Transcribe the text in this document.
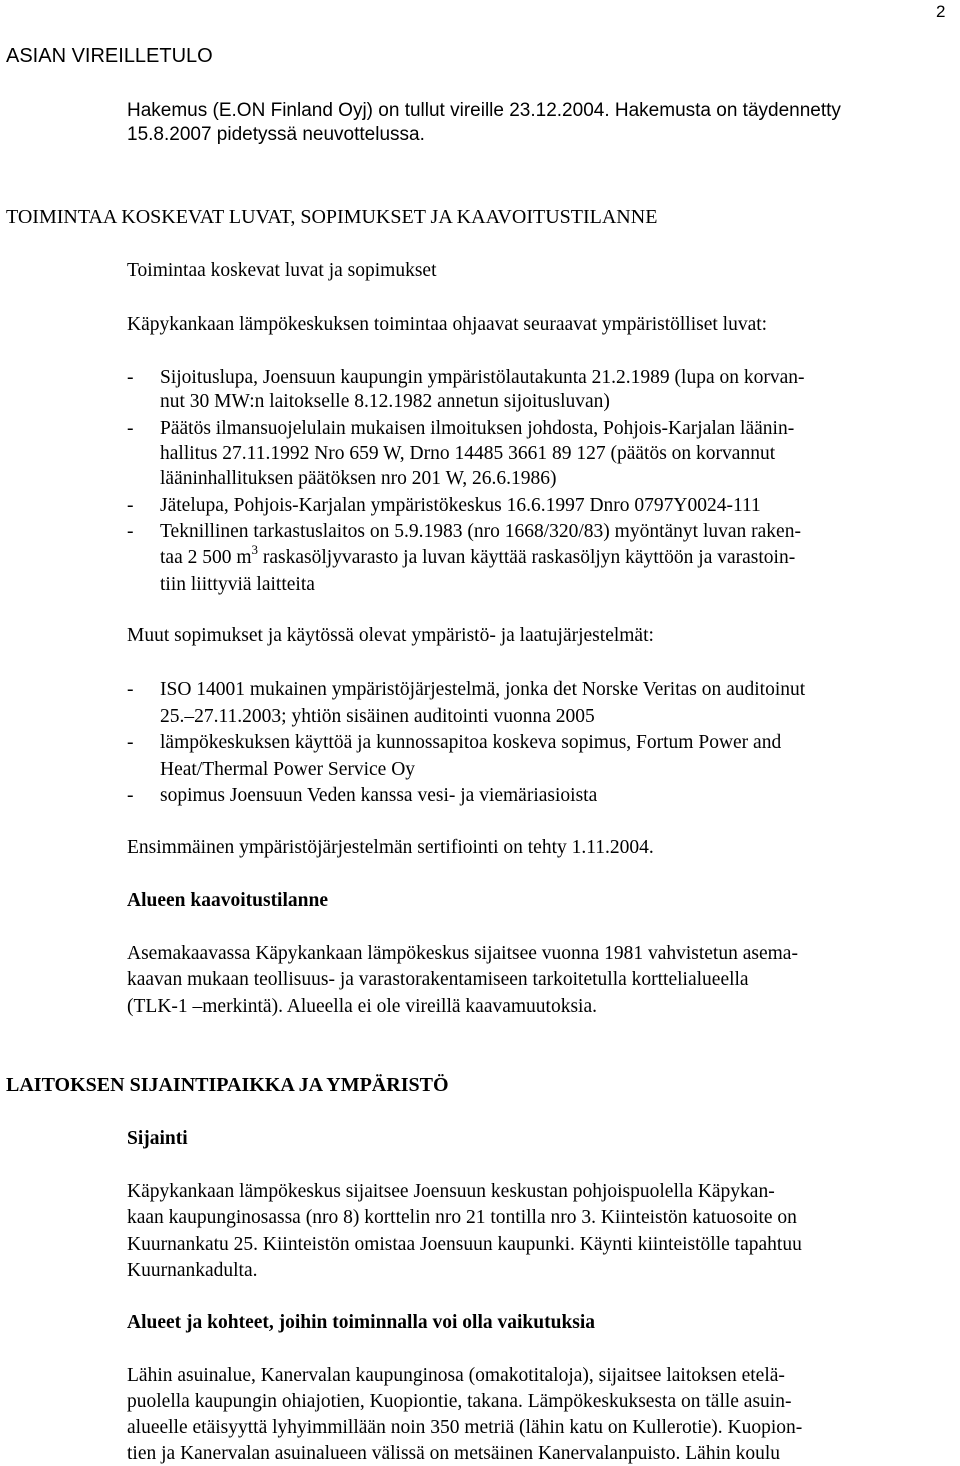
2
ASIAN VIREILLETULO
Hakemus (E.ON Finland Oyj) on tullut vireille 23.12.2004. Hakemusta on täydennetty
15.8.2007 pidetyssä neuvottelussa.
TOIMINTAA KOSKEVAT LUVAT, SOPIMUKSET JA KAAVOITUSTILANNE
Toimintaa koskevat luvat ja sopimukset
Käpykankaan lämpökeskuksen toimintaa ohjaavat seuraavat ympäristölliset luvat:
- Sijoituslupa, Joensuun kaupungin ympäristölautakunta 21.2.1989 (lupa on korvan-
nut 30 MW:n laitokselle 8.12.1982 annetun sijoitusluvan)
- Päätös ilmansuojelulain mukaisen ilmoituksen johdosta, Pohjois-Karjalan läänin-
hallitus 27.11.1992 Nro 659 W, Drno 14485 3661 89 127 (päätös on korvannut
lääninhallituksen päätöksen nro 201 W, 26.6.1986)
- Jätelupa, Pohjois-Karjalan ympäristökeskus 16.6.1997 Dnro 0797Y0024-111
- Teknillinen tarkastuslaitos on 5.9.1983 (nro 1668/320/83) myöntänyt luvan raken-
taa 2 500 $m^3$ raskasöljyvarasto ja luvan käyttää raskasöljyn käyttöön ja varastoin-
tiin liittyviä laitteita
Muut sopimukset ja käytössä olevat ympäristö- ja laatujärjestelmät:
- ISO 14001 mukainen ympäristöjärjestelmä, jonka det Norske Veritas on auditoinut
25.–27.11.2003; yhtiön sisäinen auditointi vuonna 2005
- lämpökeskuksen käyttöä ja kunnossapitoa koskeva sopimus, Fortum Power and
Heat/Thermal Power Service Oy
- sopimus Joensuun Veden kanssa vesi- ja viemäriasioista
Ensimmäinen ympäristöjärjestelmän sertifiointi on tehty 1.11.2004.
Alueen kaavoitustilanne
Asemakaavassa Käpykankaan lämpökeskus sijaitsee vuonna 1981 vahvistetun asema-
kaavan mukaan teollisuus- ja varastorakentamiseen tarkoitetulla korttelialueella
(TLK-1 –merkintä). Alueella ei ole vireillä kaavamuutoksia.
LAITOKSEN SIJAINTIPAIKKA JA YMPÄRISTÖ
Sijainti
Käpykankaan lämpökeskus sijaitsee Joensuun keskustan pohjoispuolella Käpykan-
kaan kaupunginosassa (nro 8) korttelin nro 21 tontilla nro 3. Kiinteistön katuosoite on
Kuurnankatu 25. Kiinteistön omistaa Joensuun kaupunki. Käynti kiinteistölle tapahtuu
Kuurnankadulta.
Alueet ja kohteet, joihin toiminnalla voi olla vaikutuksia
Lähin asuinalue, Kanervalan kaupunginosa (omakotitaloja), sijaitsee laitoksen etelä-
puolella kaupungin ohiajotien, Kuopiontie, takana. Lämpökeskuksesta on tälle asuin-
alueelle etäisyyttä lyhyimmillään noin 350 metriä (lähin katu on Kullerotie). Kuopion-
tien ja Kanervalan asuinalueen välissä on metsäinen Kanervalanpuisto. Lähin koulu
